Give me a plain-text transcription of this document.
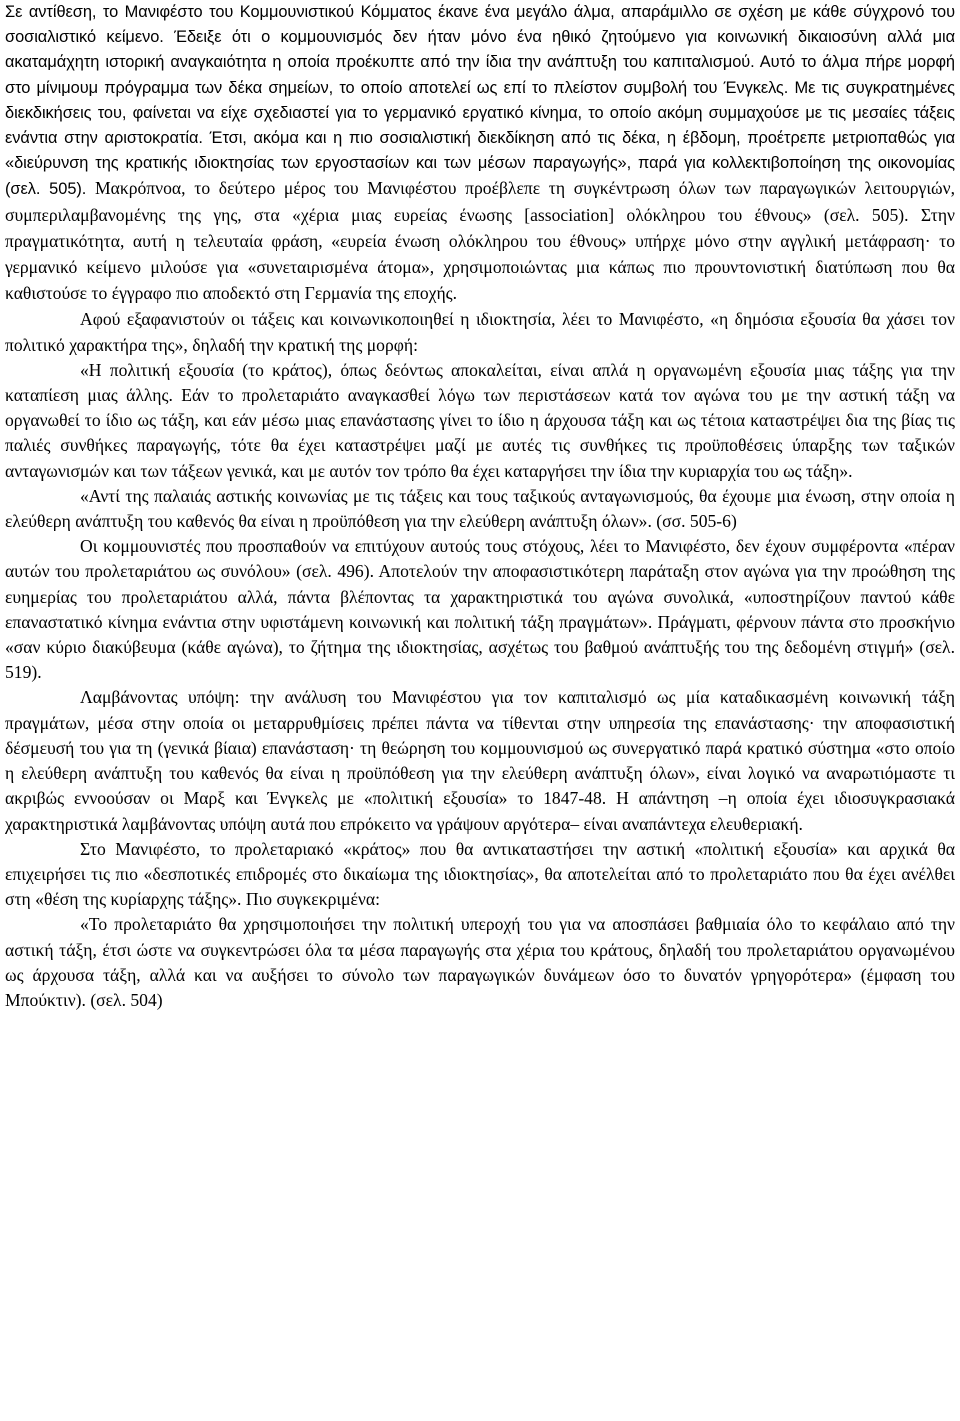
Σε αντίθεση, το Μανιφέστο του Κομμουνιστικού Κόμματος έκανε ένα μεγάλο άλμα, απαράμιλλο σε σχέση με κάθε σύγχρονό του σοσιαλιστικό κείμενο. Έδειξε ότι ο κομμουνισμός δεν ήταν μόνο ένα ηθικό ζητούμενο για κοινωνική δικαιοσύνη αλλά μια ακαταμάχητη ιστορική αναγκαιότητα η οποία προέκυπτε από την ίδια την ανάπτυξη του καπιταλισμού. Αυτό το άλμα πήρε μορφή στο μίνιμουμ πρόγραμμα των δέκα σημείων, το οποίο αποτελεί ως επί το πλείστον συμβολή του Ένγκελς. Με τις συγκρατημένες διεκδικήσεις του, φαίνεται να είχε σχεδιαστεί για το γερμανικό εργατικό κίνημα, το οποίο ακόμη συμμαχούσε με τις μεσαίες τάξεις ενάντια στην αριστοκρατία. Έτσι, ακόμα και η πιο σοσιαλιστική διεκδίκηση από τις δέκα, η έβδομη, προέτρεπε μετριοπαθώς για «διεύρυνση της κρατικής ιδιοκτησίας των εργοστασίων και των μέσων παραγωγής», παρά για κολλεκτιβοποίηση της οικονομίας (σελ. 505). Μακρόπνοα, το δεύτερο μέρος του Μανιφέστου προέβλεπε τη συγκέντρωση όλων των παραγωγικών λειτουργιών, συμπεριλαμβανομένης της γης, στα «χέρια μιας ευρείας ένωσης [association] ολόκληρου του έθνους» (σελ. 505). Στην πραγματικότητα, αυτή η τελευταία φράση, «ευρεία ένωση ολόκληρου του έθνους» υπήρχε μόνο στην αγγλική μετάφραση· το γερμανικό κείμενο μιλούσε για «συνεταιρισμένα άτομα», χρησιμοποιώντας μια κάπως πιο προυντονιστική διατύπωση που θα καθιστούσε το έγγραφο πιο αποδεκτό στη Γερμανία της εποχής.

Αφού εξαφανιστούν οι τάξεις και κοινωνικοποιηθεί η ιδιοκτησία, λέει το Μανιφέστο, «η δημόσια εξουσία θα χάσει τον πολιτικό χαρακτήρα της», δηλαδή την κρατική της μορφή:

«Η πολιτική εξουσία (το κράτος), όπως δεόντως αποκαλείται, είναι απλά η οργανωμένη εξουσία μιας τάξης για την καταπίεση μιας άλλης. Εάν το προλεταριάτο αναγκασθεί λόγω των περιστάσεων κατά τον αγώνα του με την αστική τάξη να οργανωθεί το ίδιο ως τάξη, και εάν μέσω μιας επανάστασης γίνει το ίδιο η άρχουσα τάξη και ως τέτοια καταστρέψει δια της βίας τις παλιές συνθήκες παραγωγής, τότε θα έχει καταστρέψει μαζί με αυτές τις συνθήκες τις προϋποθέσεις ύπαρξης των ταξικών ανταγωνισμών και των τάξεων γενικά, και με αυτόν τον τρόπο θα έχει καταργήσει την ίδια την κυριαρχία του ως τάξη».

«Αντί της παλαιάς αστικής κοινωνίας με τις τάξεις και τους ταξικούς ανταγωνισμούς, θα έχουμε μια ένωση, στην οποία η ελεύθερη ανάπτυξη του καθενός θα είναι η προϋπόθεση για την ελεύθερη ανάπτυξη όλων». (σσ. 505-6)

Οι κομμουνιστές που προσπαθούν να επιτύχουν αυτούς τους στόχους, λέει το Μανιφέστο, δεν έχουν συμφέροντα «πέραν αυτών του προλεταριάτου ως συνόλου» (σελ. 496). Αποτελούν την αποφασιστικότερη παράταξη στον αγώνα για την προώθηση της ευημερίας του προλεταριάτου αλλά, πάντα βλέποντας τα χαρακτηριστικά του αγώνα συνολικά, «υποστηρίζουν παντού κάθε επαναστατικό κίνημα ενάντια στην υφιστάμενη κοινωνική και πολιτική τάξη πραγμάτων». Πράγματι, φέρνουν πάντα στο προσκήνιο «σαν κύριο διακύβευμα (κάθε αγώνα), το ζήτημα της ιδιοκτησίας, ασχέτως του βαθμού ανάπτυξής του της δεδομένη στιγμή» (σελ. 519).

Λαμβάνοντας υπόψη: την ανάλυση του Μανιφέστου για τον καπιταλισμό ως μία καταδικασμένη κοινωνική τάξη πραγμάτων, μέσα στην οποία οι μεταρρυθμίσεις πρέπει πάντα να τίθενται στην υπηρεσία της επανάστασης· την αποφασιστική δέσμευσή του για τη (γενικά βίαια) επανάσταση· τη θεώρηση του κομμουνισμού ως συνεργατικό παρά κρατικό σύστημα «στο οποίο η ελεύθερη ανάπτυξη του καθενός θα είναι η προϋπόθεση για την ελεύθερη ανάπτυξη όλων», είναι λογικό να αναρωτιόμαστε τι ακριβώς εννοούσαν οι Μαρξ και Ένγκελς με «πολιτική εξουσία» το 1847-48. Η απάντηση –η οποία έχει ιδιοσυγκρασιακά χαρακτηριστικά λαμβάνοντας υπόψη αυτά που επρόκειτο να γράψουν αργότερα– είναι αναπάντεχα ελευθεριακή.

Στο Μανιφέστο, το προλεταριακό «κράτος» που θα αντικαταστήσει την αστική «πολιτική εξουσία» και αρχικά θα επιχειρήσει τις πιο «δεσποτικές επιδρομές στο δικαίωμα της ιδιοκτησίας», θα αποτελείται από το προλεταριάτο που θα έχει ανέλθει στη «θέση της κυρίαρχης τάξης». Πιο συγκεκριμένα:

«Το προλεταριάτο θα χρησιμοποιήσει την πολιτική υπεροχή του για να αποσπάσει βαθμιαία όλο το κεφάλαιο από την αστική τάξη, έτσι ώστε να συγκεντρώσει όλα τα μέσα παραγωγής στα χέρια του κράτους, δηλαδή του προλεταριάτου οργανωμένου ως άρχουσα τάξη, αλλά και να αυξήσει το σύνολο των παραγωγικών δυνάμεων όσο το δυνατόν γρηγορότερα» (έμφαση του Μπούκτιν). (σελ. 504)
